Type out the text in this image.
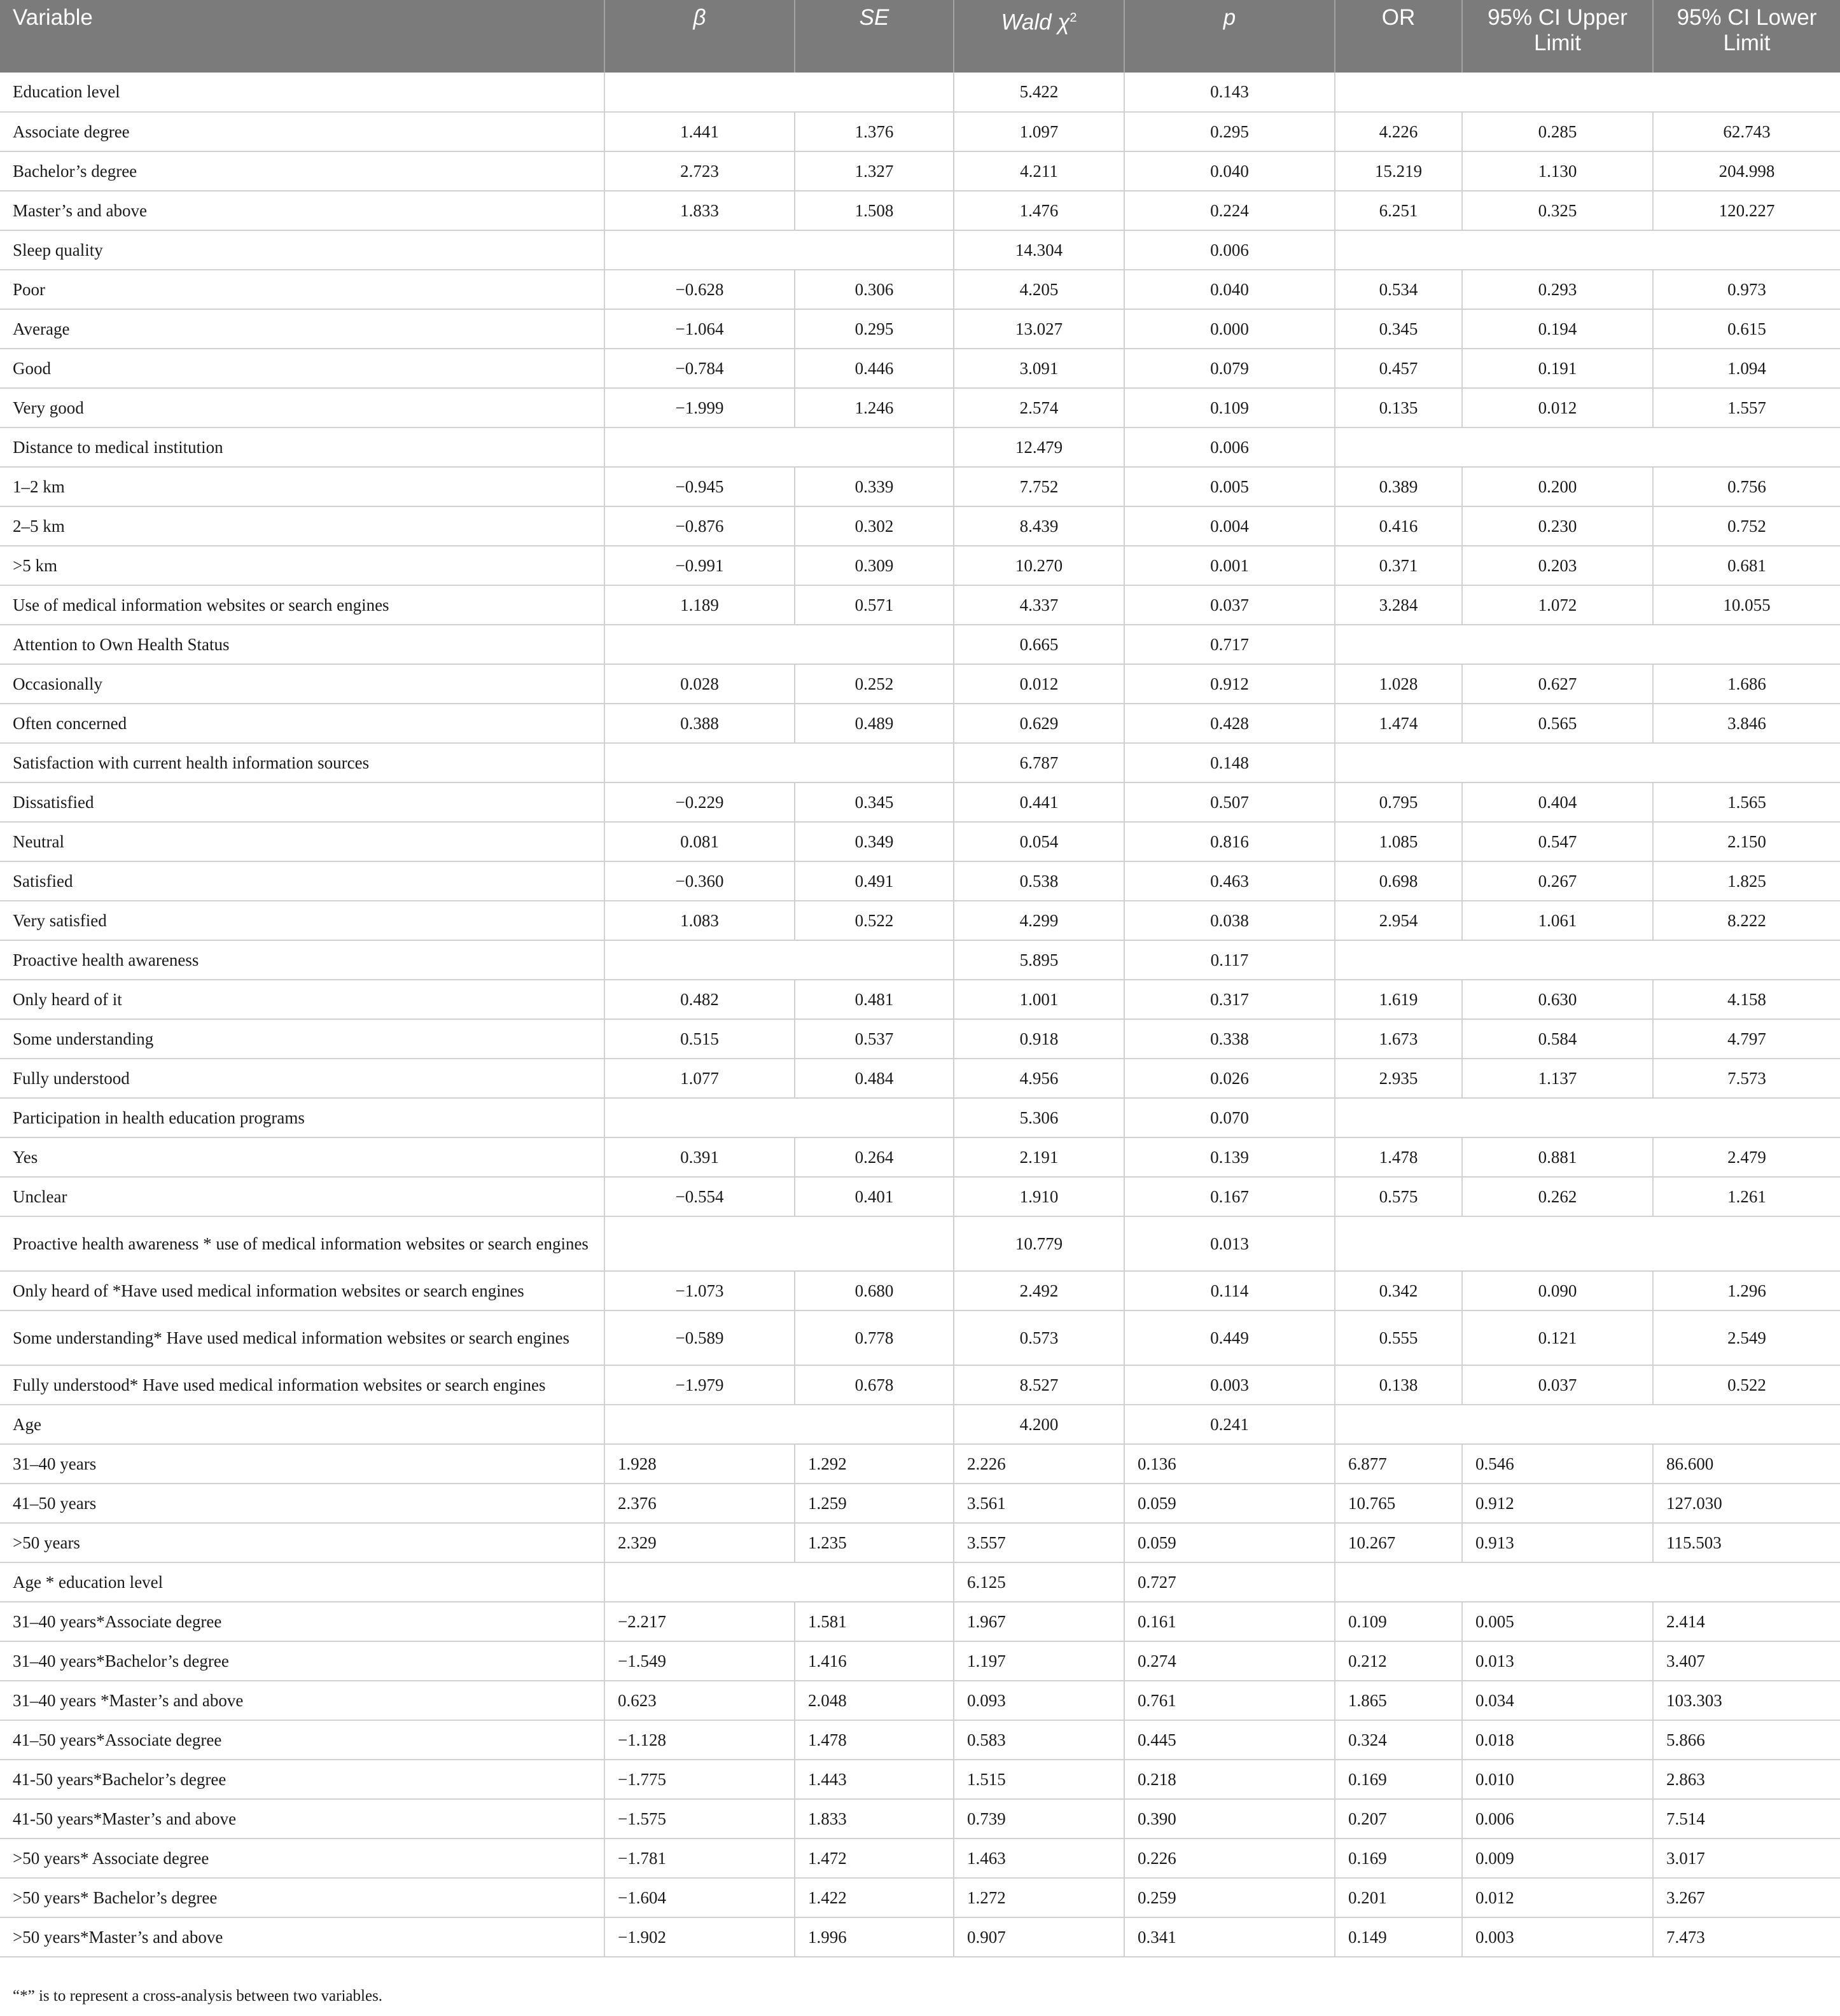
Variable	β	SE	Wald $\chi^2$	p	OR	95% CI Upper Limit	95% CI Lower Limit
Education level			5.422	0.143			
Associate degree	1.441	1.376	1.097	0.295	4.226	0.285	62.743
Bachelor’s degree	2.723	1.327	4.211	0.040	15.219	1.130	204.998
Master’s and above	1.833	1.508	1.476	0.224	6.251	0.325	120.227
Sleep quality			14.304	0.006			
Poor	−0.628	0.306	4.205	0.040	0.534	0.293	0.973
Average	−1.064	0.295	13.027	0.000	0.345	0.194	0.615
Good	−0.784	0.446	3.091	0.079	0.457	0.191	1.094
Very good	−1.999	1.246	2.574	0.109	0.135	0.012	1.557
Distance to medical institution			12.479	0.006			
1–2 km	−0.945	0.339	7.752	0.005	0.389	0.200	0.756
2–5 km	−0.876	0.302	8.439	0.004	0.416	0.230	0.752
>5 km	−0.991	0.309	10.270	0.001	0.371	0.203	0.681
Use of medical information websites or search engines	1.189	0.571	4.337	0.037	3.284	1.072	10.055
Attention to Own Health Status			0.665	0.717			
Occasionally	0.028	0.252	0.012	0.912	1.028	0.627	1.686
Often concerned	0.388	0.489	0.629	0.428	1.474	0.565	3.846
Satisfaction with current health information sources			6.787	0.148			
Dissatisfied	−0.229	0.345	0.441	0.507	0.795	0.404	1.565
Neutral	0.081	0.349	0.054	0.816	1.085	0.547	2.150
Satisfied	−0.360	0.491	0.538	0.463	0.698	0.267	1.825
Very satisfied	1.083	0.522	4.299	0.038	2.954	1.061	8.222
Proactive health awareness			5.895	0.117			
Only heard of it	0.482	0.481	1.001	0.317	1.619	0.630	4.158
Some understanding	0.515	0.537	0.918	0.338	1.673	0.584	4.797
Fully understood	1.077	0.484	4.956	0.026	2.935	1.137	7.573
Participation in health education programs			5.306	0.070			
Yes	0.391	0.264	2.191	0.139	1.478	0.881	2.479
Unclear	−0.554	0.401	1.910	0.167	0.575	0.262	1.261
Proactive health awareness * use of medical information websites or search engines			10.779	0.013			
Only heard of *Have used medical information websites or search engines	−1.073	0.680	2.492	0.114	0.342	0.090	1.296
Some understanding* Have used medical information websites or search engines	−0.589	0.778	0.573	0.449	0.555	0.121	2.549
Fully understood* Have used medical information websites or search engines	−1.979	0.678	8.527	0.003	0.138	0.037	0.522
Age			4.200	0.241			
31–40 years	1.928	1.292	2.226	0.136	6.877	0.546	86.600
41–50 years	2.376	1.259	3.561	0.059	10.765	0.912	127.030
>50 years	2.329	1.235	3.557	0.059	10.267	0.913	115.503
Age * education level			6.125	0.727			
31–40 years*Associate degree	−2.217	1.581	1.967	0.161	0.109	0.005	2.414
31–40 years*Bachelor’s degree	−1.549	1.416	1.197	0.274	0.212	0.013	3.407
31–40 years *Master’s and above	0.623	2.048	0.093	0.761	1.865	0.034	103.303
41–50 years*Associate degree	−1.128	1.478	0.583	0.445	0.324	0.018	5.866
41-50 years*Bachelor’s degree	−1.775	1.443	1.515	0.218	0.169	0.010	2.863
41-50 years*Master’s and above	−1.575	1.833	0.739	0.390	0.207	0.006	7.514
>50 years* Associate degree	−1.781	1.472	1.463	0.226	0.169	0.009	3.017
>50 years* Bachelor’s degree	−1.604	1.422	1.272	0.259	0.201	0.012	3.267
>50 years*Master’s and above	−1.902	1.996	0.907	0.341	0.149	0.003	7.473
“*” is to represent a cross-analysis between two variables.
